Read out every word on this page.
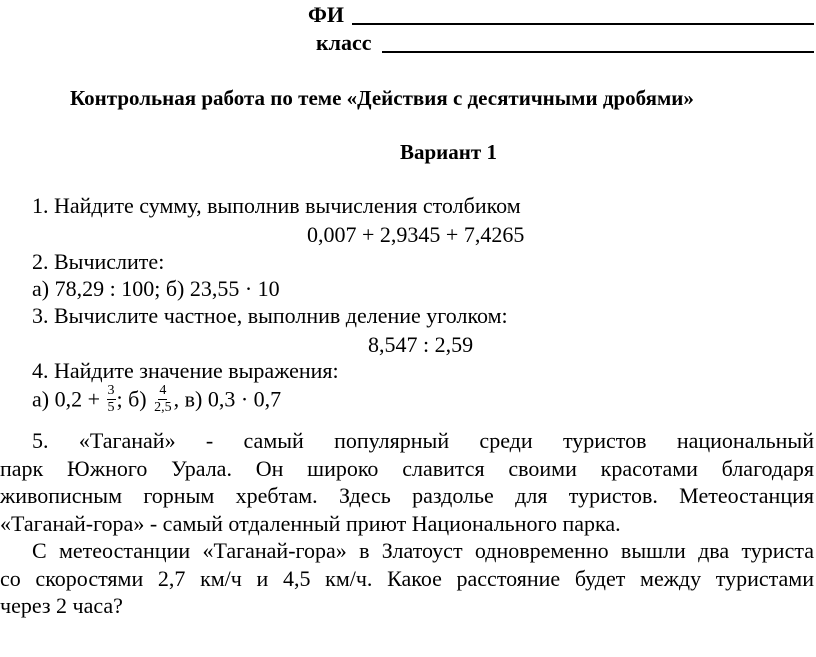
ФИ
класс
Контрольная работа по теме «Действия с десятичными дробями»
Вариант 1
1. Найдите сумму, выполнив вычисления столбиком
0,007 + 2,9345 + 7,4265
2. Вычислите:
а) 78,29 : 100; б) 23,55 · 10
3. Вычислите частное, выполнив деление уголком:
8,547 : 2,59
4. Найдите значение выражения:
а) $0,2 + \frac{3}{5}$ ; $б) \frac{4}{2,5}$ , в) 0,3 · 0,7
5. «Таганай» - самый популярный среди туристов национальный
парк Южного Урала. Он широко славится своими красотами благодаря
живописным горным хребтам. Здесь раздолье для туристов. Метеостанция
«Таганай-гора» - самый отдаленный приют Национального парка.
С метеостанции «Таганай-гора» в Златоуст одновременно вышли два туриста
со скоростями 2,7 км/ч и 4,5 км/ч. Какое расстояние будет между туристами
через 2 часа?
